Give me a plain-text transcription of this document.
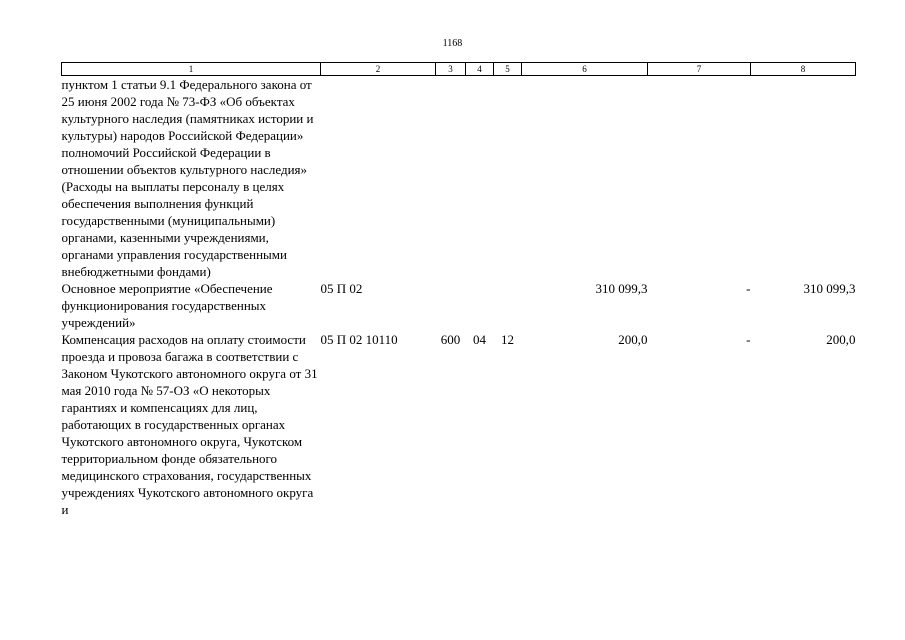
1168
1	2	3	4	5	6	7	8
пунктом 1 статьи 9.1 Федерального закона от 25 июня 2002 года № 73-ФЗ «Об объектах культурного наследия (памятниках истории и культуры) народов Российской Федерации» полномочий Российской Федерации в отношении объектов культурного наследия» (Расходы на выплаты персоналу в целях обеспечения выполнения функций государственными (муниципальными) органами, казенными учреждениями, органами управления государственными внебюджетными фондами)							
Основное мероприятие «Обеспечение функционирования государственных учреждений»	05 П 02				310 099,3	-	310 099,3
Компенсация расходов на оплату стоимости проезда и провоза багажа в соответствии с Законом Чукотского автономного округа от 31 мая 2010 года № 57-ОЗ «О некоторых гарантиях и компенсациях для лиц, работающих в государственных органах Чукотского автономного округа, Чукотском территориальном фонде обязательного медицинского страхования, государственных учреждениях Чукотского автономного округа и	05 П 02 10110	600	04	12	200,0	-	200,0
